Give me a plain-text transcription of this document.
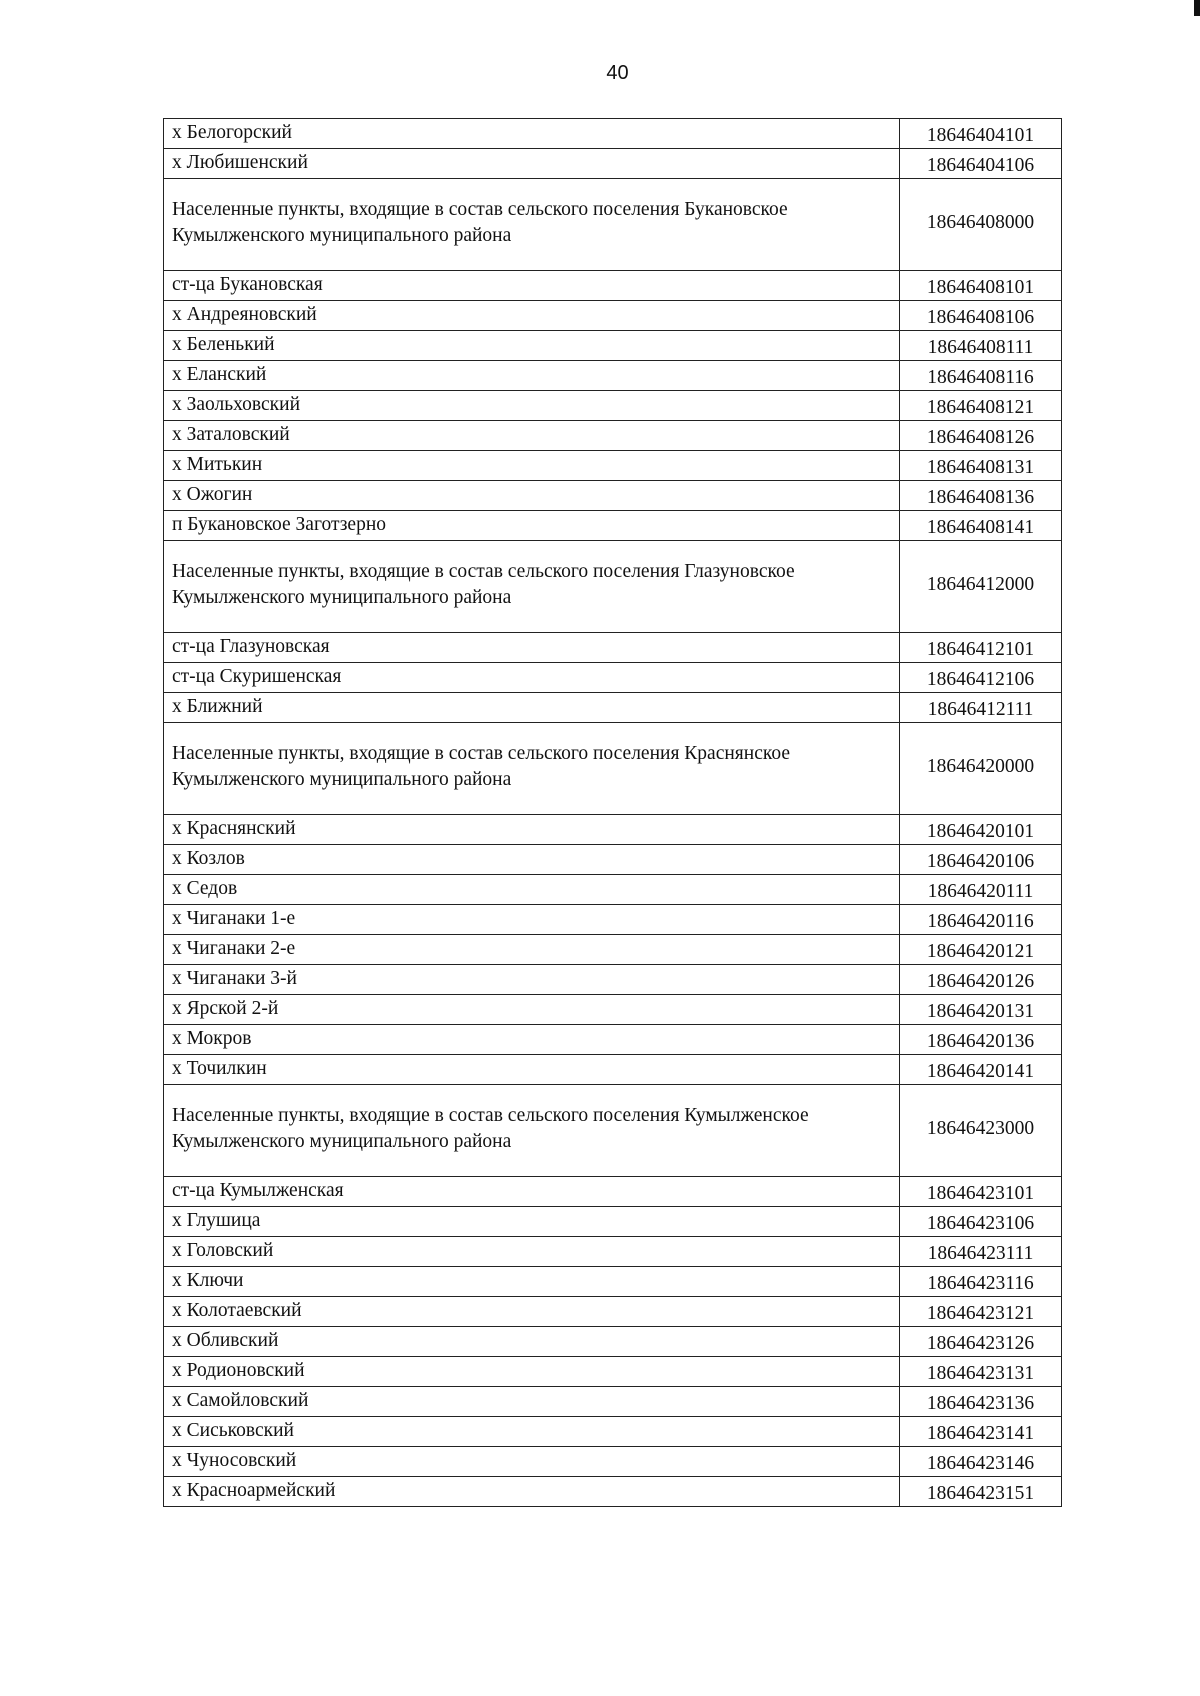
40
х Белогорский	18646404101
х Любишенский	18646404106
Населенные пункты, входящие в состав сельского поселения Букановское Кумылженского муниципального района	18646408000
ст-ца Букановская	18646408101
х Андреяновский	18646408106
х Беленький	18646408111
х Еланский	18646408116
х Заольховский	18646408121
х Заталовский	18646408126
х Митькин	18646408131
х Ожогин	18646408136
п Букановское Заготзерно	18646408141
Населенные пункты, входящие в состав сельского поселения Глазуновское Кумылженского муниципального района	18646412000
ст-ца Глазуновская	18646412101
ст-ца Скуришенская	18646412106
х Ближний	18646412111
Населенные пункты, входящие в состав сельского поселения Краснянское Кумылженского муниципального района	18646420000
х Краснянский	18646420101
х Козлов	18646420106
х Седов	18646420111
х Чиганаки 1-е	18646420116
х Чиганаки 2-е	18646420121
х Чиганаки 3-й	18646420126
х Ярской 2-й	18646420131
х Мокров	18646420136
х Точилкин	18646420141
Населенные пункты, входящие в состав сельского поселения Кумылженское Кумылженского муниципального района	18646423000
ст-ца Кумылженская	18646423101
х Глушица	18646423106
х Головский	18646423111
х Ключи	18646423116
х Колотаевский	18646423121
х Обливский	18646423126
х Родионовский	18646423131
х Самойловский	18646423136
х Сиськовский	18646423141
х Чуносовский	18646423146
х Красноармейский	18646423151
